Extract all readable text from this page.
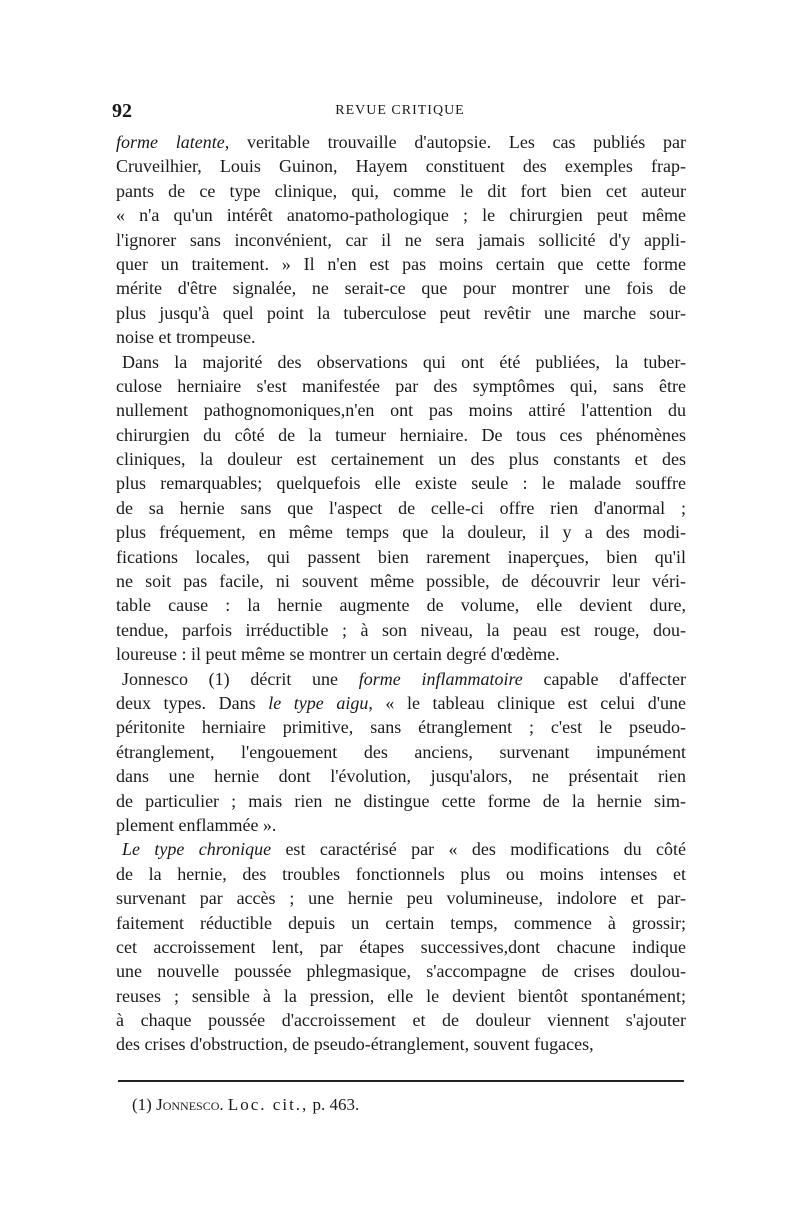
92	REVUE CRITIQUE
forme latente, veritable trouvaille d'autopsie. Les cas publiés par
Cruveilhier, Louis Guinon, Hayem constituent des exemples frap-
pants de ce type clinique, qui, comme le dit fort bien cet auteur
« n'a qu'un intérêt anatomo-pathologique ; le chirurgien peut même
l'ignorer sans inconvénient, car il ne sera jamais sollicité d'y appli-
quer un traitement. » Il n'en est pas moins certain que cette forme
mérite d'être signalée, ne serait-ce que pour montrer une fois de
plus jusqu'à quel point la tuberculose peut revêtir une marche sour-
noise et trompeuse.
Dans la majorité des observations qui ont été publiées, la tuber-
culose herniaire s'est manifestée par des symptômes qui, sans être
nullement pathognomoniques,n'en ont pas moins attiré l'attention du
chirurgien du côté de la tumeur herniaire. De tous ces phénomènes
cliniques, la douleur est certainement un des plus constants et des
plus remarquables; quelquefois elle existe seule : le malade souffre
de sa hernie sans que l'aspect de celle-ci offre rien d'anormal ;
plus fréquement, en même temps que la douleur, il y a des modi-
fications locales, qui passent bien rarement inaperçues, bien qu'il
ne soit pas facile, ni souvent même possible, de découvrir leur véri-
table cause : la hernie augmente de volume, elle devient dure,
tendue, parfois irréductible ; à son niveau, la peau est rouge, dou-
loureuse : il peut même se montrer un certain degré d'œdème.
Jonnesco (1) décrit une forme inflammatoire capable d'affecter
deux types. Dans le type aigu, « le tableau clinique est celui d'une
péritonite herniaire primitive, sans étranglement ; c'est le pseudo-
étranglement, l'engouement des anciens, survenant impunément
dans une hernie dont l'évolution, jusqu'alors, ne présentait rien
de particulier ; mais rien ne distingue cette forme de la hernie sim-
plement enflammée ».
Le type chronique est caractérisé par « des modifications du côté
de la hernie, des troubles fonctionnels plus ou moins intenses et
survenant par accès ; une hernie peu volumineuse, indolore et par-
faitement réductible depuis un certain temps, commence à grossir;
cet accroissement lent, par étapes successives,dont chacune indique
une nouvelle poussée phlegmasique, s'accompagne de crises doulou-
reuses ; sensible à la pression, elle le devient bientôt spontanément;
à chaque poussée d'accroissement et de douleur viennent s'ajouter
des crises d'obstruction, de pseudo-étranglement, souvent fugaces,
(1) Jonnesco. Loc. cit., p. 463.
